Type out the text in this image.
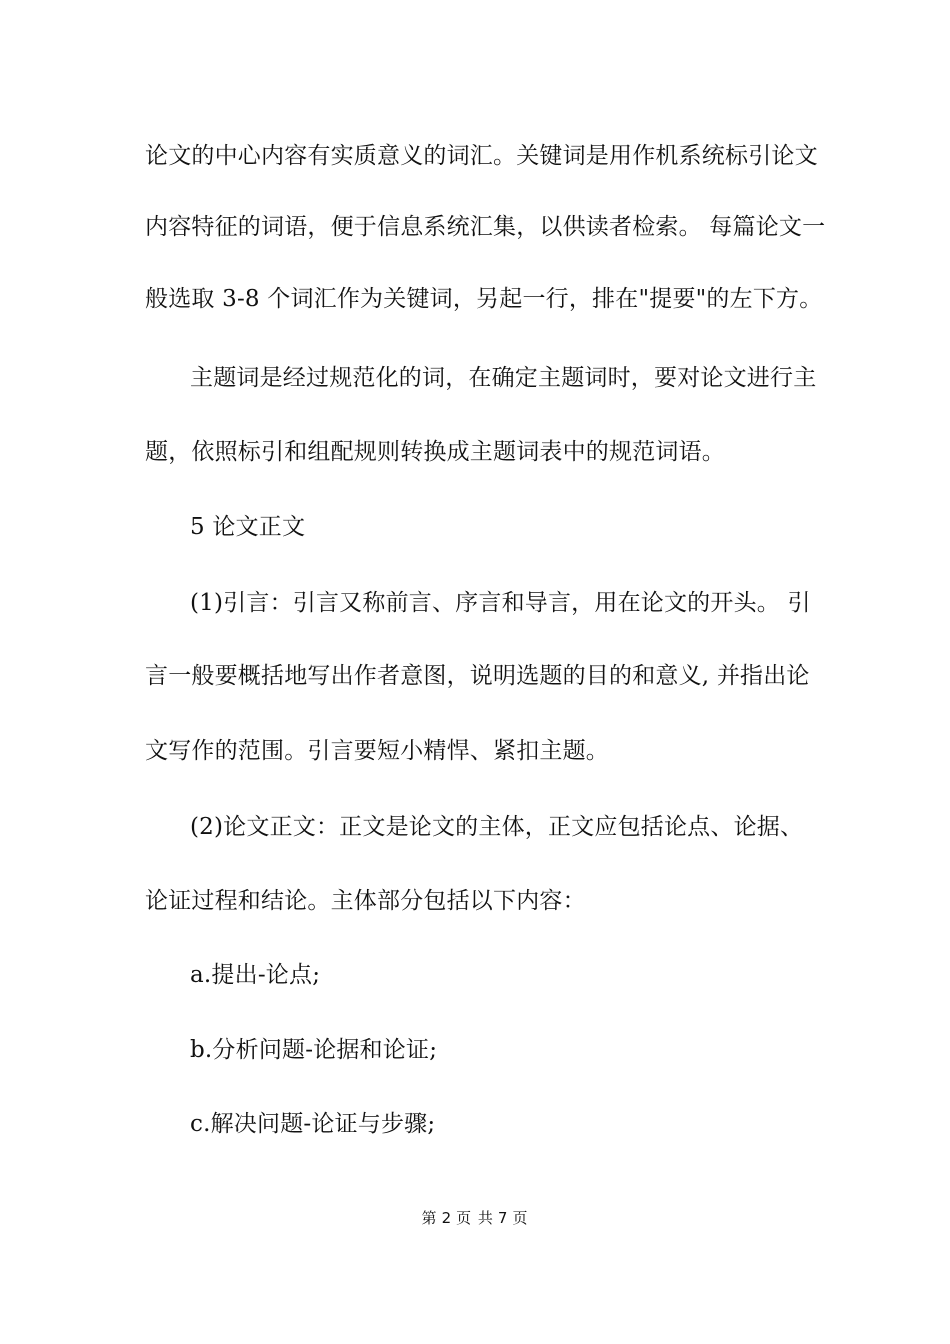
论文的中心内容有实质意义的词汇。关键词是用作机系统标引论文
内容特征的词语，便于信息系统汇集，以供读者检索。 每篇论文一
般选取 3-8 个词汇作为关键词，另起一行，排在"提要"的左下方。
主题词是经过规范化的词，在确定主题词时，要对论文进行主
题，依照标引和组配规则转换成主题词表中的规范词语。
5 论文正文
(1)引言：引言又称前言、序言和导言，用在论文的开头。 引
言一般要概括地写出作者意图，说明选题的目的和意义, 并指出论
文写作的范围。引言要短小精悍、紧扣主题。
(2)论文正文：正文是论文的主体，正文应包括论点、论据、
论证过程和结论。主体部分包括以下内容：
a.提出-论点;
b.分析问题-论据和论证;
c.解决问题-论证与步骤;
第 2 页 共 7 页
